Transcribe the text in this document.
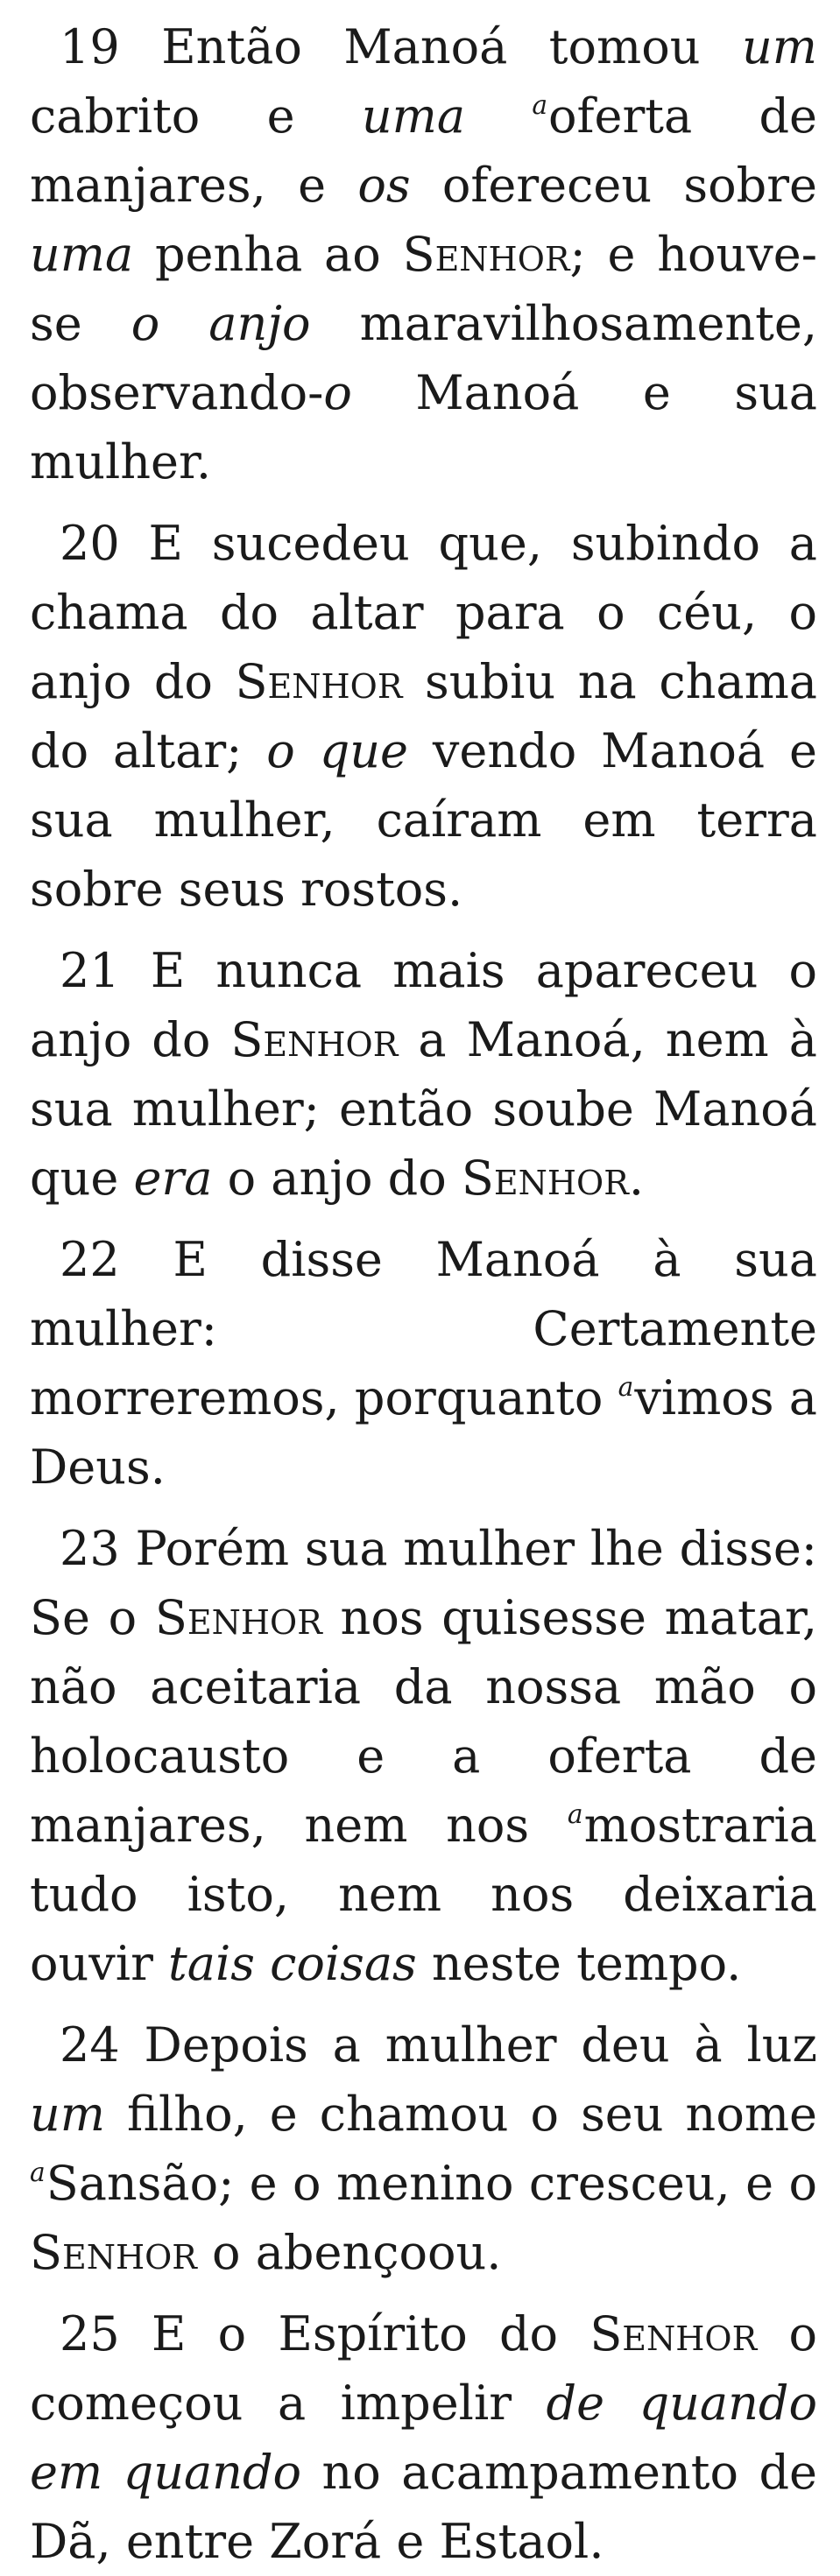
19 Então Manoá tomou um cabrito e uma	$^a$oferta de manjares, e os ofereceu sobre uma penha ao Senhor; e houve-se o anjo maravilhosamente, observando-o Manoá e sua mulher.

20 E sucedeu que, subindo a chama do altar para o céu, o anjo do Senhor subiu na chama do altar; o que vendo Manoá e sua mulher, caíram em terra sobre seus rostos.

21 E nunca mais apareceu o anjo do Senhor a Manoá, nem à sua mulher; então soube Manoá que era o anjo do Senhor.

22 E disse Manoá à sua mulher: Certamente morreremos, porquanto $^a$vimos a Deus.

23 Porém sua mulher lhe disse: Se o Senhor nos quisesse matar, não aceitaria da nossa mão o holocausto e a oferta de manjares, nem nos $^a$mostraria tudo isto, nem nos deixaria ouvir tais coisas neste tempo.

24 Depois a mulher deu à luz um filho, e chamou o seu nome $^a$Sansão; e o menino cresceu, e o Senhor o abençoou.

25 E o Espírito do Senhor o começou a impelir de quando em quando no acampamento de Dã, entre Zorá e Estaol.
